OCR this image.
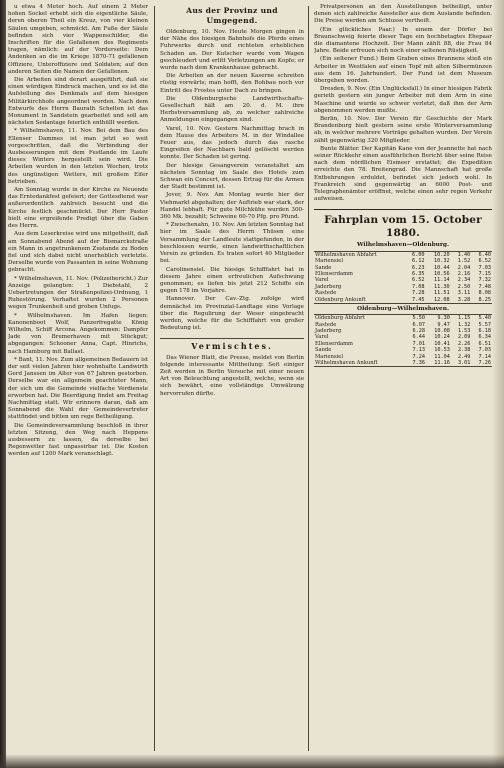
u etwa 4 Meter hoch. Auf einem 2 Meter hohen Sockel erhebt sich die eigentliche Säule, deren oberen Theil ein Kreuz, von vier kleinen Säulen umgeben, schmückt. Am Fuße der Säule befinden sich vier Wappenschilder, die Inschriften für die Gefallenen des Regiments tragen, nämlich: auf der Vorderseite: Dem Andenken an die im Kriege 1870-71 gefallenen Offiziere, Unteroffiziere und Soldaten; auf den anderen Seiten die Namen der Gefallenen.

Die Arbeiten sind derart ausgeführt, daß sie einen würdigen Eindruck machen, und es ist die Aufstellung des Denkmals auf dem hiesigen Militärkirchhofe angeordnet worden. Nach dem Entwurfe des Herrn Baurath Schelten ist das Monument in Sandstein gearbeitet und soll am nächsten Sedantage feierlich enthüllt werden.

* Wilhelmshaven, 11. Nov. Bei dem Bau des Ellenser Dammes ist man jetzt so weit vorgeschritten, daß die Verbindung der Ausbesserungen mit dem Festlande im Laufe dieses Winters hergestellt sein wird. Die Arbeiten wurden in den letzten Wochen, trotz des ungünstigen Wetters, mit großem Eifer betrieben.

Am Sonntag wurde in der Kirche zu Neuende das Erntedankfest gefeiert; der Gottesdienst war außerordentlich zahlreich besucht und die Kirche festlich geschmückt. Der Herr Pastor hielt eine ergreifende Predigt über die Gaben des Herrn.

Aus dem Leserkreise wird uns mitgetheilt, daß am Sonnabend Abend auf der Bismarckstraße ein Mann in angetrunkenem Zustande zu Boden fiel und sich dabei nicht unerheblich verletzte. Derselbe wurde von Passanten in seine Wohnung gebracht.

* Wilhelmshaven, 11. Nov. (Polizeibericht.) Zur Anzeige gelangten: 1 Diebstahl, 2 Uebertretungen der Straßenpolizei-Ordnung, 1 Ruhestörung. Verhaftet wurden 2 Personen wegen Trunkenheit und groben Unfugs.

* Wilhelmshaven. Im Hafen liegen: Kanonenboot Wolf, Panzerfregatte König Wilhelm, Schiff Arcona. Angekommen: Dampfer Jade von Bremerhaven mit Stückgut; abgegangen: Schooner Anna, Capt. Hinrichs, nach Hamburg mit Ballast.

* Bant, 11. Nov. Zum allgemeinen Bedauern ist der seit vielen Jahren hier wohnhafte Landwirth Gerd Janssen im Alter von 67 Jahren gestorben. Derselbe war ein allgemein geachteter Mann, der sich um die Gemeinde vielfache Verdienste erworben hat. Die Beerdigung findet am Freitag Nachmittag statt. Wir erinnern daran, daß am Sonnabend die Wahl der Gemeindevertreter stattfindet und bitten um rege Betheiligung.

Die Gemeindeversammlung beschloß in ihrer letzten Sitzung, den Weg nach Heppens ausbessern zu lassen, da derselbe bei Regenwetter fast unpassirbar ist. Die Kosten werden auf 1200 Mark veranschlagt.

Aus der Provinz und Umgegend.

Oldenburg, 10. Nov. Heute Morgen gingen in der Nähe des hiesigen Bahnhofs die Pferde eines Fuhrwerks durch und richteten erheblichen Schaden an. Der Kutscher wurde vom Wagen geschleudert und erlitt Verletzungen am Kopfe; er wurde nach dem Krankenhause gebracht.

Die Arbeiten an der neuen Kaserne schreiten rüstig vorwärts; man hofft, den Rohbau noch vor Eintritt des Frostes unter Dach zu bringen.

Die Oldenburgische Landwirthschafts-Gesellschaft hält am 20. d. M. ihre Herbstversammlung ab, zu welcher zahlreiche Anmeldungen eingegangen sind.

Varel, 10. Nov. Gestern Nachmittag brach in dem Hause des Arbeiters M. in der Windallee Feuer aus, das jedoch durch das rasche Eingreifen der Nachbarn bald gelöscht werden konnte. Der Schaden ist gering.

Der hiesige Gesangverein veranstaltet am nächsten Sonntag im Saale des Hotels zum Schwan ein Concert, dessen Ertrag für die Armen der Stadt bestimmt ist.

Jever, 9. Nov. Am Montag wurde hier der Viehmarkt abgehalten; der Auftrieb war stark, der Handel lebhaft. Für gute Milchkühe wurden 300-360 Mk. bezahlt; Schweine 60-70 Pfg. pro Pfund.

* Zwischenahn, 10. Nov. Am letzten Sonntag hat hier im Saale des Herrn Thüsen eine Versammlung der Landleute stattgefunden, in der beschlossen wurde, einen landwirthschaftlichen Verein zu gründen. Es traten sofort 40 Mitglieder bei.

Carolinensiel. Die hiesige Schifffahrt hat in diesem Jahre einen erfreulichen Aufschwung genommen; es liefen bis jetzt 212 Schiffe ein gegen 178 im Vorjahre.

Hannover. Der Cav.-Ztg. zufolge wird demnächst im Provinzial-Landtage eine Vorlage über die Regulirung der Weser eingebracht werden, welche für die Schifffahrt von großer Bedeutung ist.

Vermischtes.

Das Wiener Blatt, die Presse, meldet von Berlin folgende interessante Mittheilung: Seit einiger Zeit werden in Berlin Versuche mit einer neuen Art von Beleuchtung angestellt, welche, wenn sie sich bewährt, eine vollständige Umwälzung hervorrufen dürfte.

Privatpersonen an den Ausstellungen betheiligt, unter denen sich zahlreiche Aussteller aus dem Auslande befinden. Die Preise werden am Schlusse vertheilt.

(Ein glückliches Paar.) In einem der Dörfer bei Braunschweig feierte dieser Tage ein hochbetagtes Ehepaar die diamantene Hochzeit. Der Mann zählt 88, die Frau 84 Jahre. Beide erfreuen sich noch einer seltenen Rüstigkeit.

(Ein seltener Fund.) Beim Graben eines Brunnens stieß ein Arbeiter in Westfalen auf einen Topf mit alten Silbermünzen aus dem 16. Jahrhundert. Der Fund ist dem Museum übergeben worden.

Dresden, 9. Nov. (Ein Unglücksfall.) In einer hiesigen Fabrik gerieth gestern ein junger Arbeiter mit dem Arm in eine Maschine und wurde so schwer verletzt, daß ihm der Arm abgenommen werden mußte.

Berlin, 10. Nov. Der Verein für Geschichte der Mark Brandenburg hielt gestern seine erste Winterversammlung ab, in welcher mehrere Vorträge gehalten wurden. Der Verein zählt gegenwärtig 320 Mitglieder.

Bunte Blätter. Der Kapitän Kane von der Jeannette hat nach seiner Rückkehr einen ausführlichen Bericht über seine Reise nach dem nördlichen Eismeer erstattet; die Expedition erreichte den 78. Breitengrad. Die Mannschaft hat große Entbehrungen erduldet, befindet sich jedoch wohl. In Frankreich sind gegenwärtig an 6000 Post- und Telegraphenämter eröffnet, welche einen sehr regen Verkehr aufweisen.

Fahrplan vom 15. October 1880.
Wilhelmshaven—Oldenburg.
Wilhelmshaven Abfahrt	6.00	10.20	1.40	6.40
Mariensiel	6.12	10.32	1.52	6.52
Sande	6.23	10.44	2.04	7.03
Ellenserdamm	6.35	10.56	2.16	7.15
Varel	6.52	11.14	2.34	7.32
Jaderberg	7.08	11.30	2.50	7.48
Rastede	7.28	11.51	3.11	8.08
Oldenburg Ankunft	7.45	12.08	3.28	8.25
Oldenburg—Wilhelmshaven.
Oldenburg Abfahrt	5.50	9.30	1.15	5.40
Rastede	6.07	9.47	1.32	5.57
Jaderberg	6.28	10.08	1.53	6.18
Varel	6.44	10.24	2.09	6.34
Ellenserdamm	7.01	10.41	2.26	6.51
Sande	7.13	10.53	2.38	7.03
Mariensiel	7.24	11.04	2.49	7.14
Wilhelmshaven Ankunft	7.36	11.16	3.01	7.26
